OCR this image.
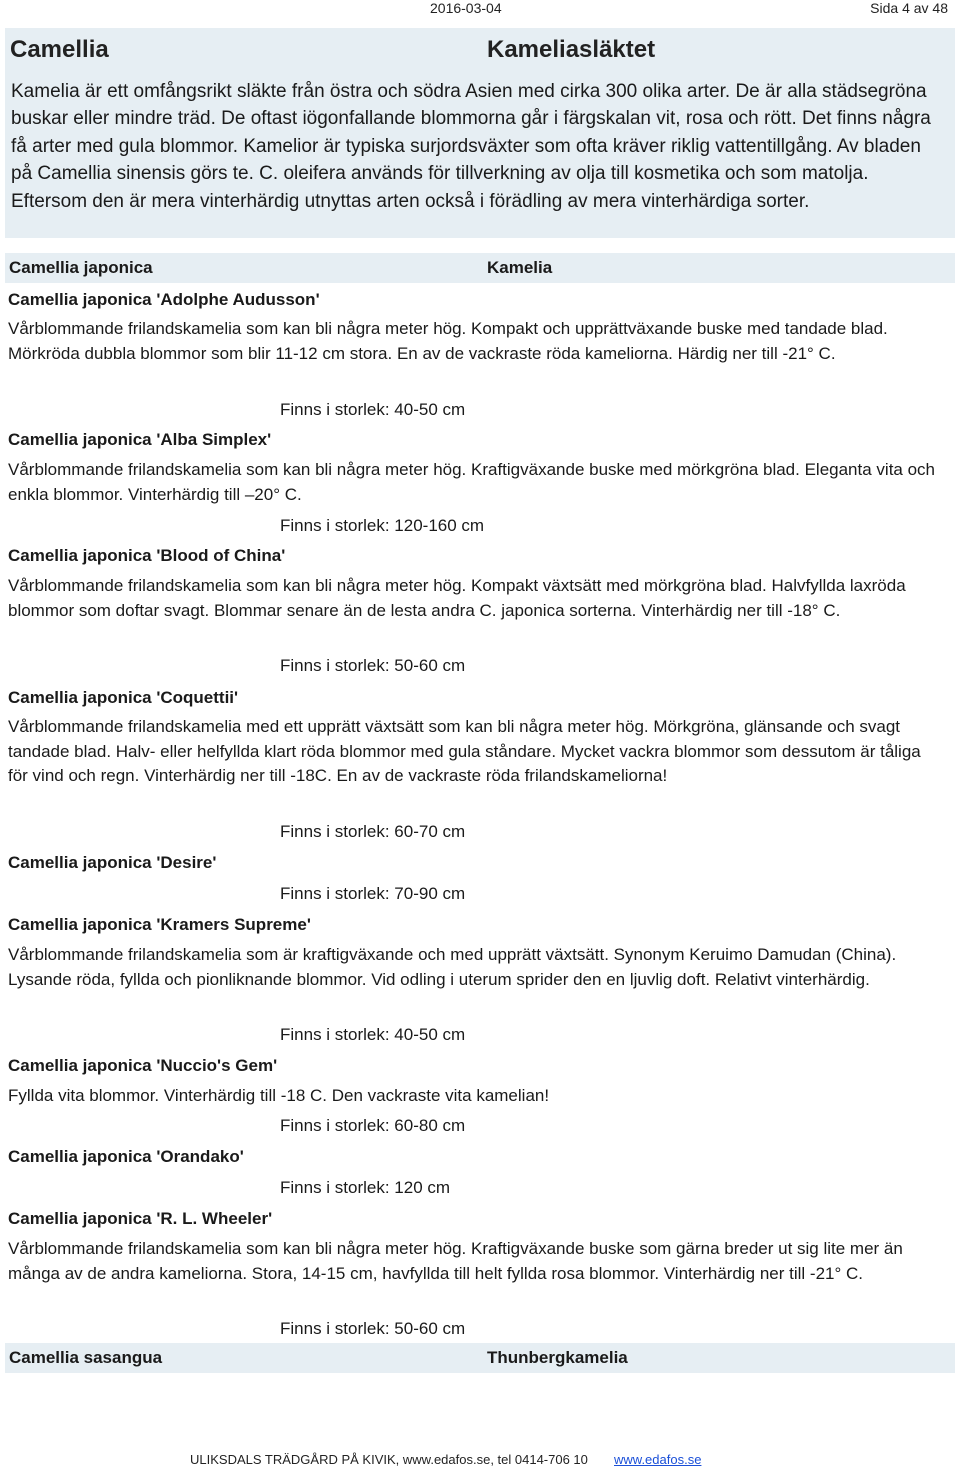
2016-03-04	Sida 4 av 48
Camellia	Kameliasläktet
Kamelia är ett omfångsrikt släkte från östra och södra Asien med cirka 300 olika arter. De är alla städsegröna buskar eller mindre träd. De oftast iögonfallande blommorna går i färgskalan vit, rosa och rött. Det finns några få arter med gula blommor. Kamelior är typiska surjordsväxter som ofta kräver riklig vattentillgång. Av bladen på Camellia sinensis görs te. C. oleifera används för tillverkning av olja till kosmetika och som matolja. Eftersom den är mera vinterhärdig utnyttas arten också i förädling av mera vinterhärdiga sorter.
Camellia japonica	Kamelia
Camellia japonica 'Adolphe Audusson'
Vårblommande frilandskamelia som kan bli några meter hög. Kompakt och upprättväxande buske med tandade blad. Mörkröda dubbla blommor som blir 11-12 cm stora. En av de vackraste röda kameliorna. Härdig ner till -21° C.
Finns i storlek: 40-50 cm
Camellia japonica 'Alba Simplex'
Vårblommande frilandskamelia som kan bli några meter hög. Kraftigväxande buske med mörkgröna blad. Eleganta vita och enkla blommor. Vinterhärdig till –20° C.
Finns i storlek: 120-160 cm
Camellia japonica 'Blood of China'
Vårblommande frilandskamelia som kan bli några meter hög. Kompakt växtsätt med mörkgröna blad. Halvfyllda laxröda blommor som doftar svagt. Blommar senare än de lesta andra C. japonica sorterna. Vinterhärdig ner till -18° C.
Finns i storlek: 50-60 cm
Camellia japonica 'Coquettii'
Vårblommande frilandskamelia med ett upprätt växtsätt som kan bli några meter hög. Mörkgröna, glänsande och svagt tandade blad. Halv- eller helfyllda klart röda blommor med gula ståndare. Mycket vackra blommor som dessutom är tåliga för vind och regn. Vinterhärdig ner till -18C. En av de vackraste röda frilandskameliorna!
Finns i storlek: 60-70 cm
Camellia japonica 'Desire'
Finns i storlek: 70-90 cm
Camellia japonica 'Kramers Supreme'
Vårblommande frilandskamelia som är kraftigväxande och med upprätt växtsätt. Synonym Keruimo Damudan (China). Lysande röda, fyllda och pionliknande blommor. Vid odling i uterum sprider den en ljuvlig doft. Relativt vinterhärdig.
Finns i storlek: 40-50 cm
Camellia japonica 'Nuccio's Gem'
Fyllda vita blommor. Vinterhärdig till -18 C. Den vackraste vita kamelian!
Finns i storlek: 60-80 cm
Camellia japonica 'Orandako'
Finns i storlek: 120 cm
Camellia japonica 'R. L. Wheeler'
Vårblommande frilandskamelia som kan bli några meter hög. Kraftigväxande buske som gärna breder ut sig lite mer än många av de andra kameliorna. Stora, 14-15 cm, havfyllda till helt fyllda rosa blommor. Vinterhärdig ner till -21° C.
Finns i storlek: 50-60 cm
Camellia sasangua	Thunbergkamelia
ULIKSDALS TRÄDGÅRD PÅ KIVIK, www.edafos.se, tel 0414-706 10 www.edafos.se
